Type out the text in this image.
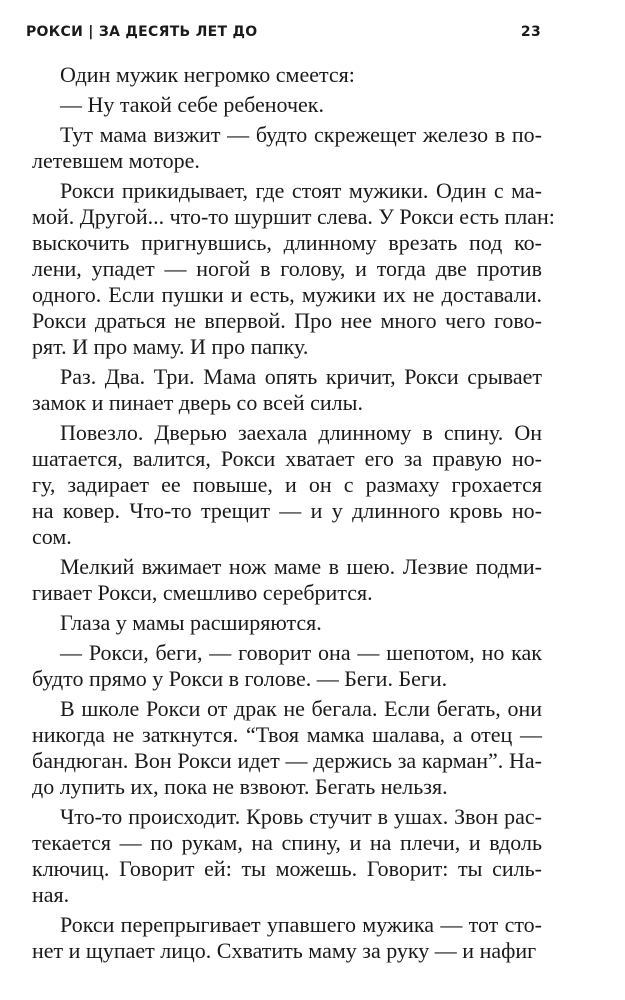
РОКСИ | ЗА ДЕСЯТЬ ЛЕТ ДО	23
Один мужик негромко смеется:
— Ну такой себе ребеночек.
Тут мама визжит — будто скрежещет железо в по-
летевшем моторе.
Рокси прикидывает, где стоят мужики. Один с ма-
мой. Другой... что-то шуршит слева. У Рокси есть план:
выскочить пригнувшись, длинному врезать под ко-
лени, упадет — ногой в голову, и тогда две против
одного. Если пушки и есть, мужики их не доставали.
Рокси драться не впервой. Про нее много чего гово-
рят. И про маму. И про папку.
Раз. Два. Три. Мама опять кричит, Рокси срывает
замок и пинает дверь со всей силы.
Повезло. Дверью заехала длинному в спину. Он
шатается, валится, Рокси хватает его за правую но-
гу, задирает ее повыше, и он с размаху грохается
на ковер. Что-то трещит — и у длинного кровь но-
сом.
Мелкий вжимает нож маме в шею. Лезвие подми-
гивает Рокси, смешливо серебрится.
Глаза у мамы расширяются.
— Рокси, беги, — говорит она — шепотом, но как
будто прямо у Рокси в голове. — Беги. Беги.
В школе Рокси от драк не бегала. Если бегать, они
никогда не заткнутся. “Твоя мамка шалава, а отец —
бандюган. Вон Рокси идет — держись за карман”. На-
до лупить их, пока не взвоют. Бегать нельзя.
Что-то происходит. Кровь стучит в ушах. Звон рас-
текается — по рукам, на спину, и на плечи, и вдоль
ключиц. Говорит ей: ты можешь. Говорит: ты силь-
ная.
Рокси перепрыгивает упавшего мужика — тот сто-
нет и щупает лицо. Схватить маму за руку — и нафиг
